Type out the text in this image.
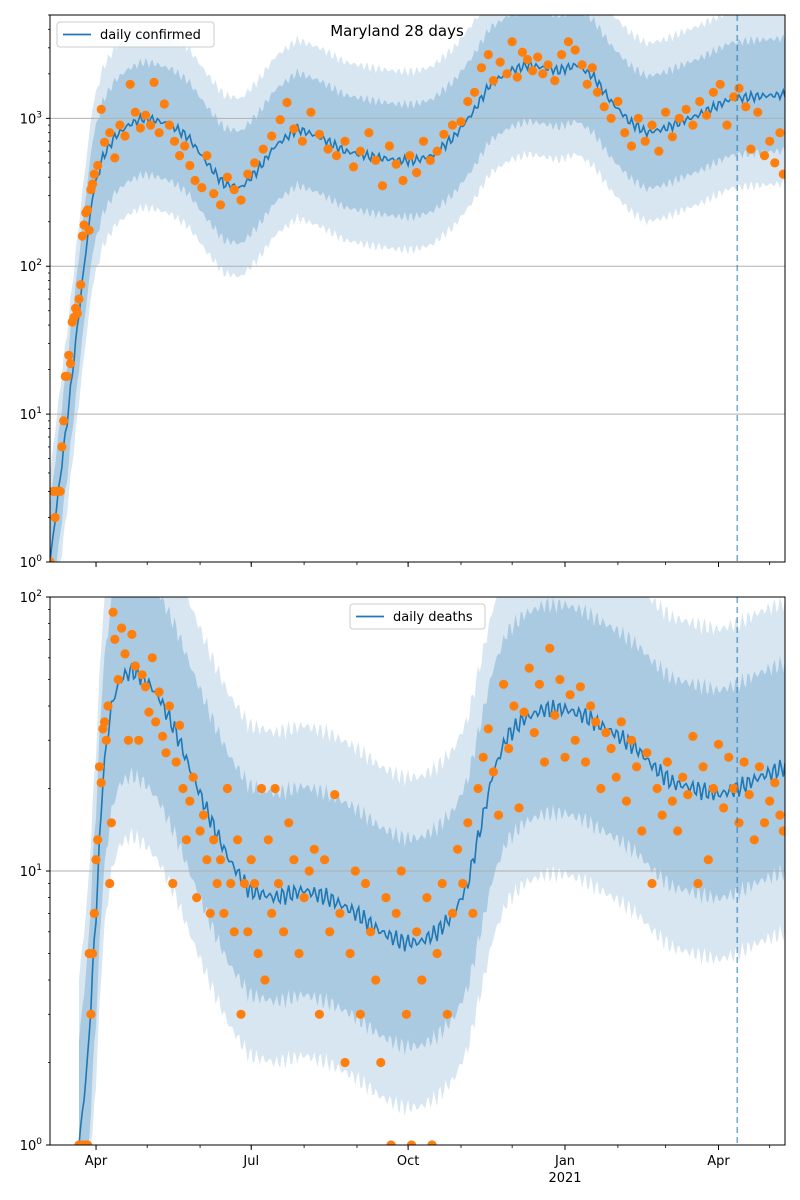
$10^0$
$10^1$
$10^2$
$10^3$
daily confirmed
$10^0$
$10^1$
$10^2$
Apr	Jul	Oct	Jan
2021
Apr
daily deaths
Maryland 28 days
